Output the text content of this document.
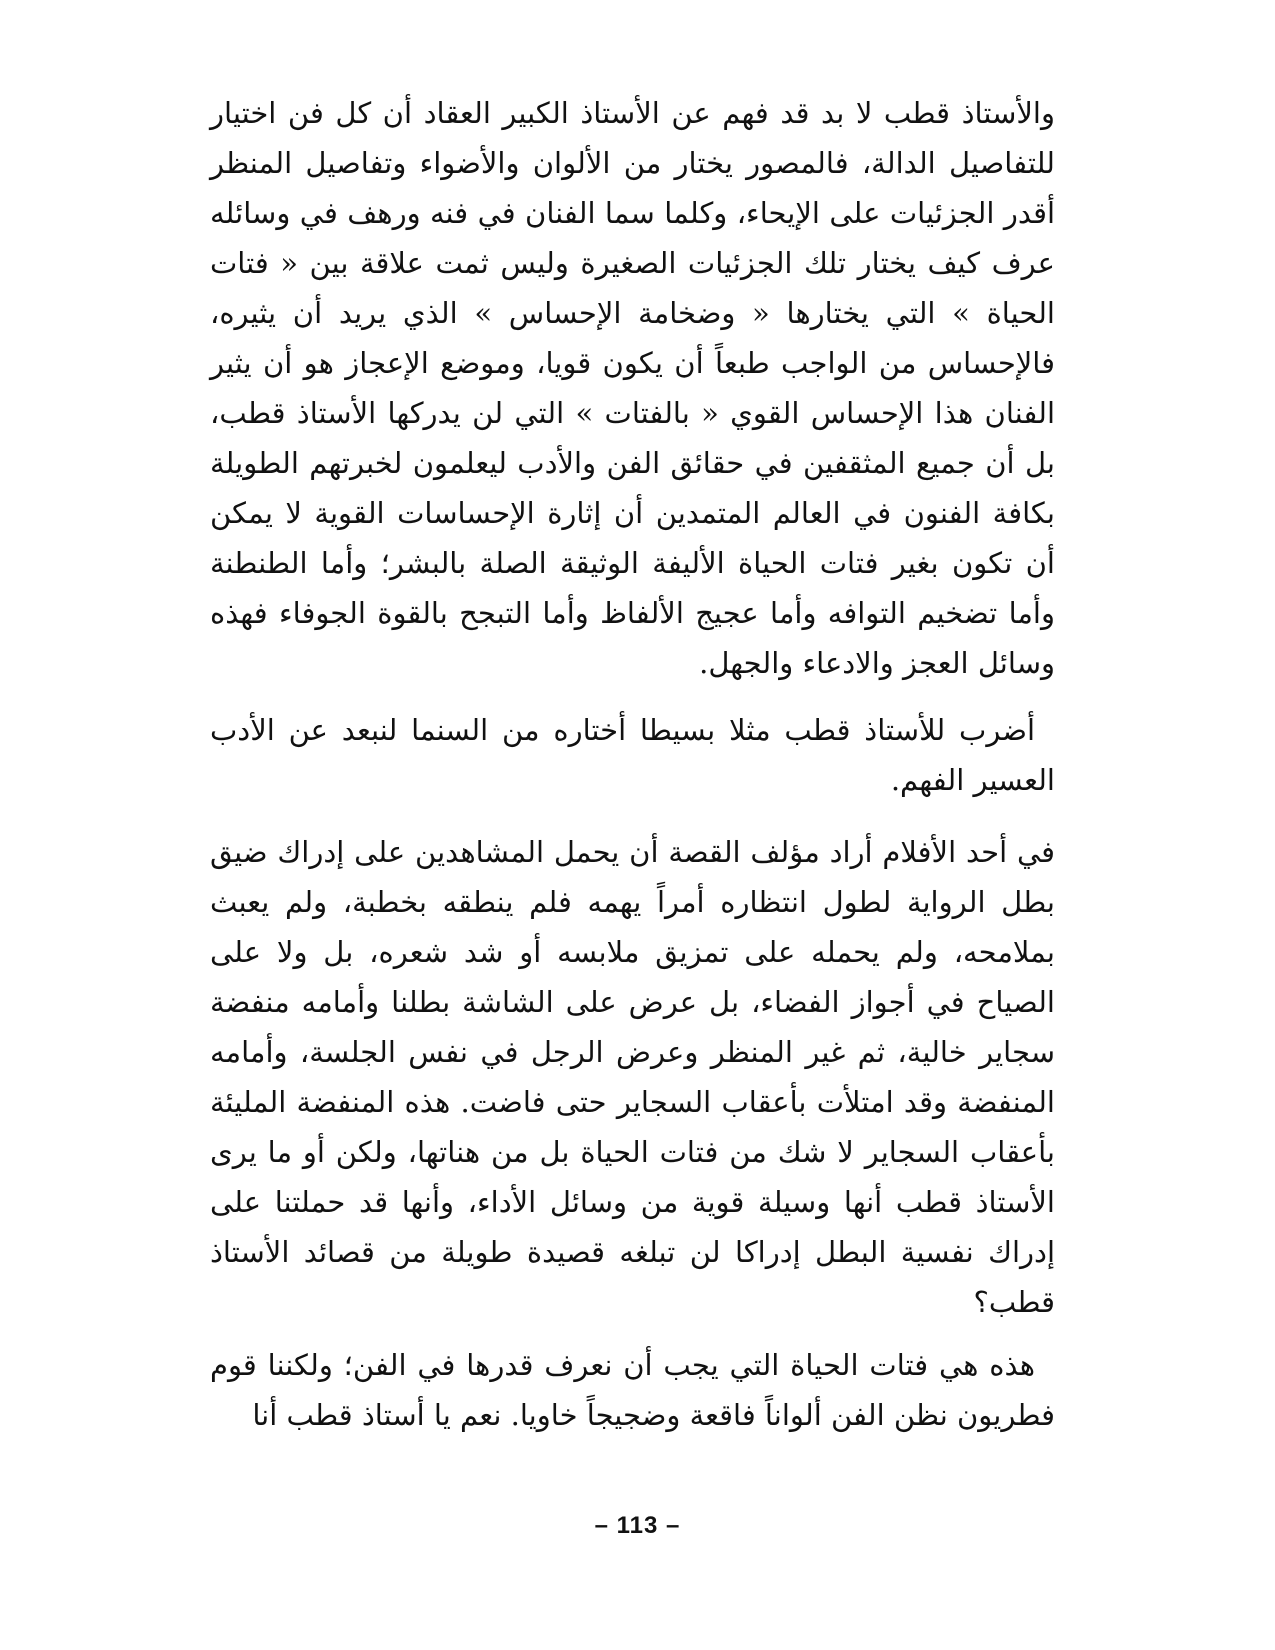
والأستاذ قطب لا بد قد فهم عن الأستاذ الكبير العقاد أن كل فن اختيار للتفاصيل الدالة، فالمصور يختار من الألوان والأضواء وتفاصيل المنظر أقدر الجزئيات على الإيحاء، وكلما سما الفنان في فنه ورهف في وسائله عرف كيف يختار تلك الجزئيات الصغيرة وليس ثمت علاقة بين « فتات الحياة » التي يختارها « وضخامة الإحساس » الذي يريد أن يثيره، فالإحساس من الواجب طبعاً أن يكون قويا، وموضع الإعجاز هو أن يثير الفنان هذا الإحساس القوي « بالفتات » التي لن يدركها الأستاذ قطب، بل أن جميع المثقفين في حقائق الفن والأدب ليعلمون لخبرتهم الطويلة بكافة الفنون في العالم المتمدين أن إثارة الإحساسات القوية لا يمكن أن تكون بغير فتات الحياة الأليفة الوثيقة الصلة بالبشر؛ وأما الطنطنة وأما تضخيم التوافه وأما عجيج الألفاظ وأما التبجح بالقوة الجوفاء فهذه وسائل العجز والادعاء والجهل.

أضرب للأستاذ قطب مثلا بسيطا أختاره من السنما لنبعد عن الأدب العسير الفهم.

في أحد الأفلام أراد مؤلف القصة أن يحمل المشاهدين على إدراك ضيق بطل الرواية لطول انتظاره أمراً يهمه فلم ينطقه بخطبة، ولم يعبث بملامحه، ولم يحمله على تمزيق ملابسه أو شد شعره، بل ولا على الصياح في أجواز الفضاء، بل عرض على الشاشة بطلنا وأمامه منفضة سجاير خالية، ثم غير المنظر وعرض الرجل في نفس الجلسة، وأمامه المنفضة وقد امتلأت بأعقاب السجاير حتى فاضت. هذه المنفضة المليئة بأعقاب السجاير لا شك من فتات الحياة بل من هناتها، ولكن أو ما يرى الأستاذ قطب أنها وسيلة قوية من وسائل الأداء، وأنها قد حملتنا على إدراك نفسية البطل إدراكا لن تبلغه قصيدة طويلة من قصائد الأستاذ قطب؟

هذه هي فتات الحياة التي يجب أن نعرف قدرها في الفن؛ ولكننا قوم فطريون نظن الفن ألواناً فاقعة وضجيجاً خاويا. نعم يا أستاذ قطب أنا

– 113 –
